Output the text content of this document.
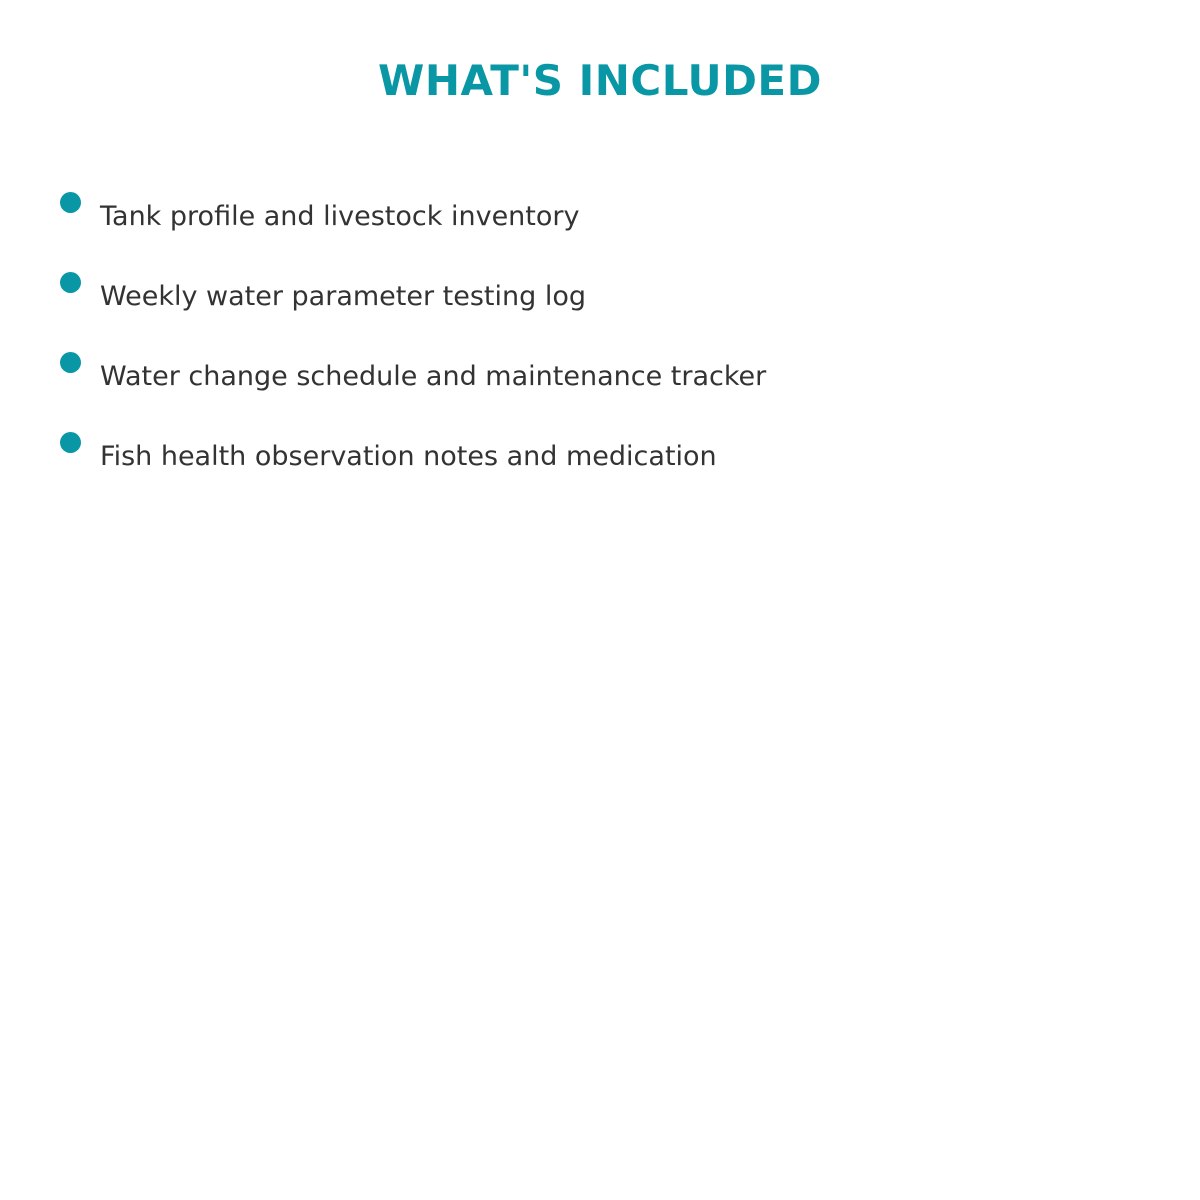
WHAT'S INCLUDED
Tank profile and livestock inventory
Weekly water parameter testing log
Water change schedule and maintenance tracker
Fish health observation notes and medication
